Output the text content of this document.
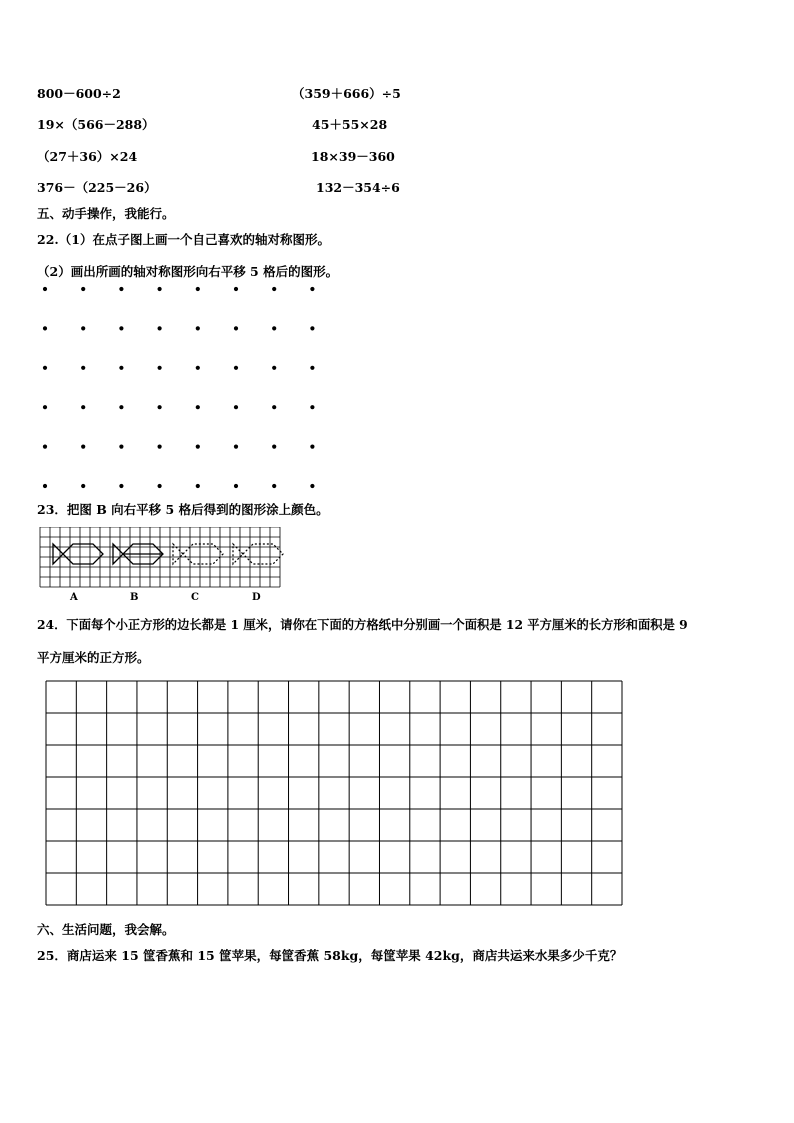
800－600÷2	（359＋666）÷5
19×（566－288）	45＋55×28
（27＋36）×24	18×39－360
376－（225－26）	132－354÷6
五、动手操作，我能行。
22.（1）在点子图上画一个自己喜欢的轴对称图形。
（2）画出所画的轴对称图形向右平移 5 格后的图形。
23．把图 B 向右平移 5 格后得到的图形涂上颜色。
A	B	C	D
24．下面每个小正方形的边长都是 1 厘米，请你在下面的方格纸中分别画一个面积是 12 平方厘米的长方形和面积是 9
平方厘米的正方形。
六、生活问题，我会解。
25．商店运来 15 筐香蕉和 15 筐苹果，每筐香蕉 58kg，每筐苹果 42kg，商店共运来水果多少千克？
